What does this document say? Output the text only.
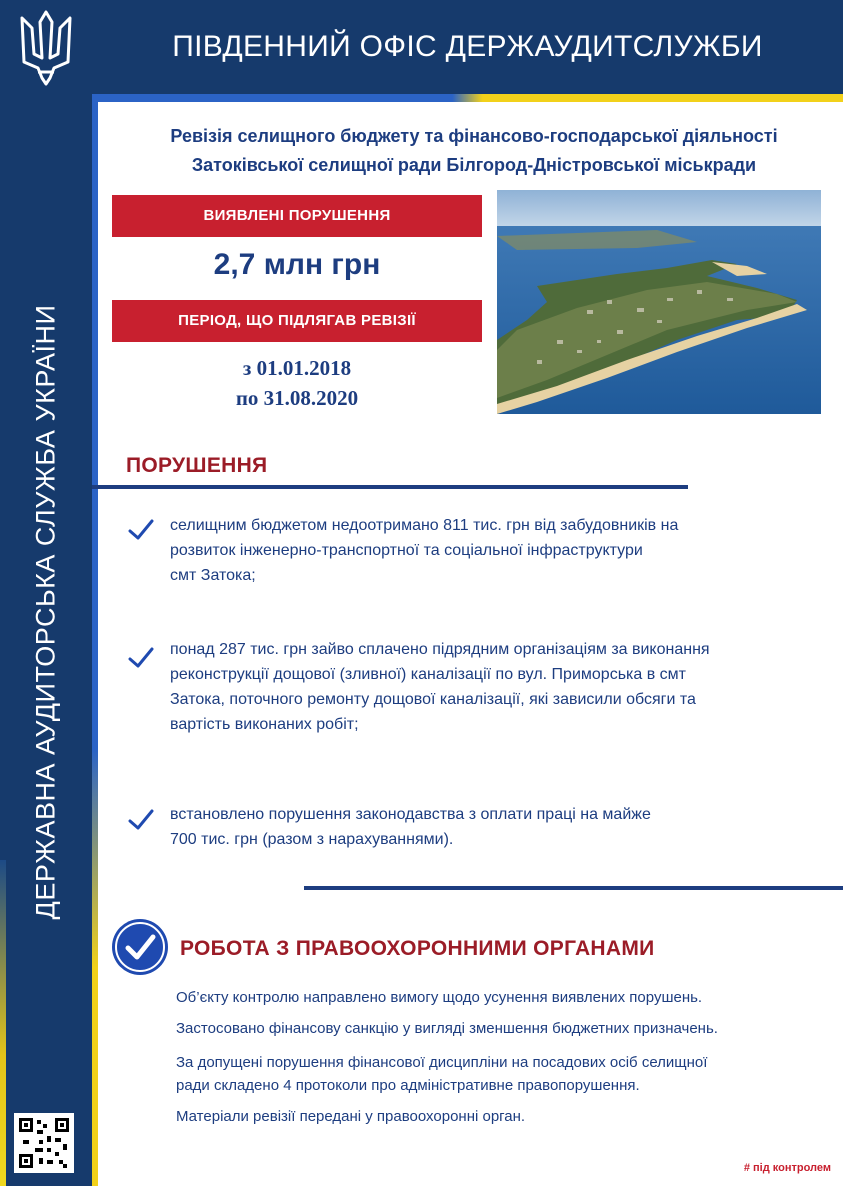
ДЕРЖАВНА АУДИТОРСЬКА СЛУЖБА УКРАЇНИ
ПІВДЕННИЙ ОФІС ДЕРЖАУДИТСЛУЖБИ
Ревізія селищного бюджету та фінансово-господарської діяльності
Затоківської селищної ради Білгород-Дністровської міськради
ВИЯВЛЕНІ ПОРУШЕННЯ
2,7 млн грн
ПЕРІОД, ЩО ПІДЛЯГАВ РЕВІЗІЇ
з 01.01.2018
по 31.08.2020
ПОРУШЕННЯ
селищним бюджетом недоотримано 811 тис. грн від забудовників на
розвиток інженерно-транспортної та соціальної інфраструктури
смт Затока;
понад 287 тис. грн зайво сплачено підрядним організаціям за виконання
реконструкції дощової (зливної) каналізації по вул. Приморська в смт
Затока, поточного ремонту дощової каналізації, які зависили обсяги та
вартість виконаних робіт;
встановлено порушення законодавства з оплати праці на майже
700 тис. грн (разом з нарахуваннями).
РОБОТА З ПРАВООХОРОННИМИ ОРГАНАМИ
Об’єкту контролю направлено вимогу щодо усунення виявлених порушень.
Застосовано фінансову санкцію у вигляді зменшення бюджетних призначень.
За допущені порушення фінансової дисципліни на посадових осіб селищної
ради складено 4 протоколи про адміністративне правопорушення.
Матеріали ревізії передані у правоохоронні орган.
# під контролем
